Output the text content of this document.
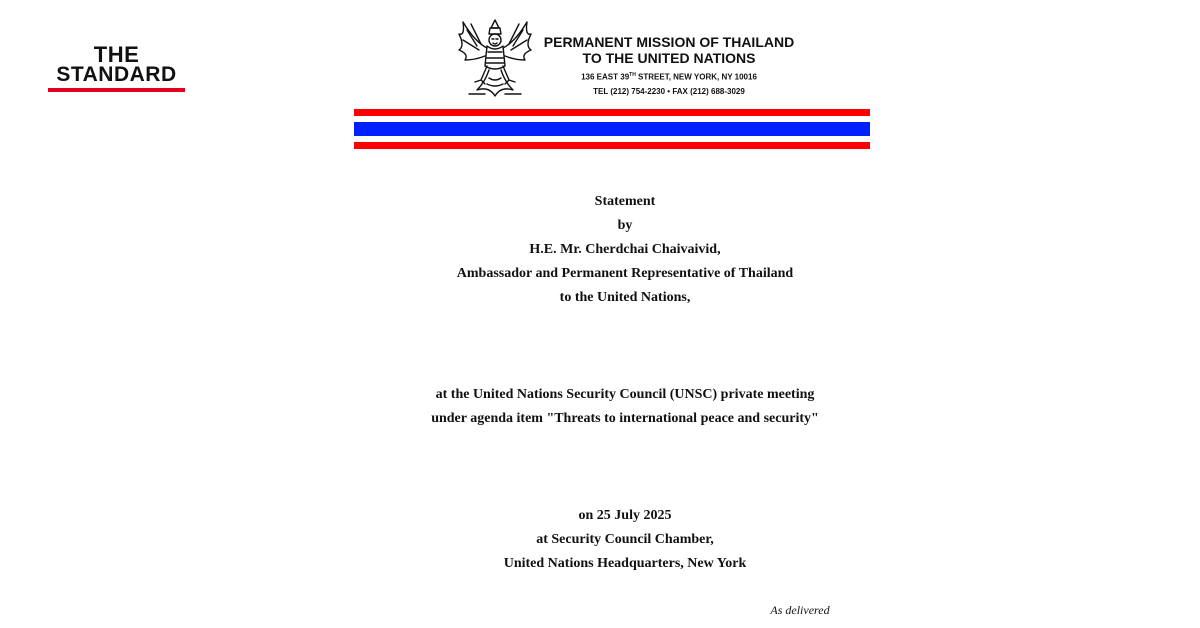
THE
STANDARD
PERMANENT MISSION OF THAILAND
TO THE UNITED NATIONS
136 EAST 39TH STREET, NEW YORK, NY 10016
TEL (212) 754-2230 • FAX (212) 688-3029
Statement
by
H.E. Mr. Cherdchai Chaivaivid,
Ambassador and Permanent Representative of Thailand
to the United Nations,
at the United Nations Security Council (UNSC) private meeting
under agenda item "Threats to international peace and security"
on 25 July 2025
at Security Council Chamber,
United Nations Headquarters, New York
As delivered
